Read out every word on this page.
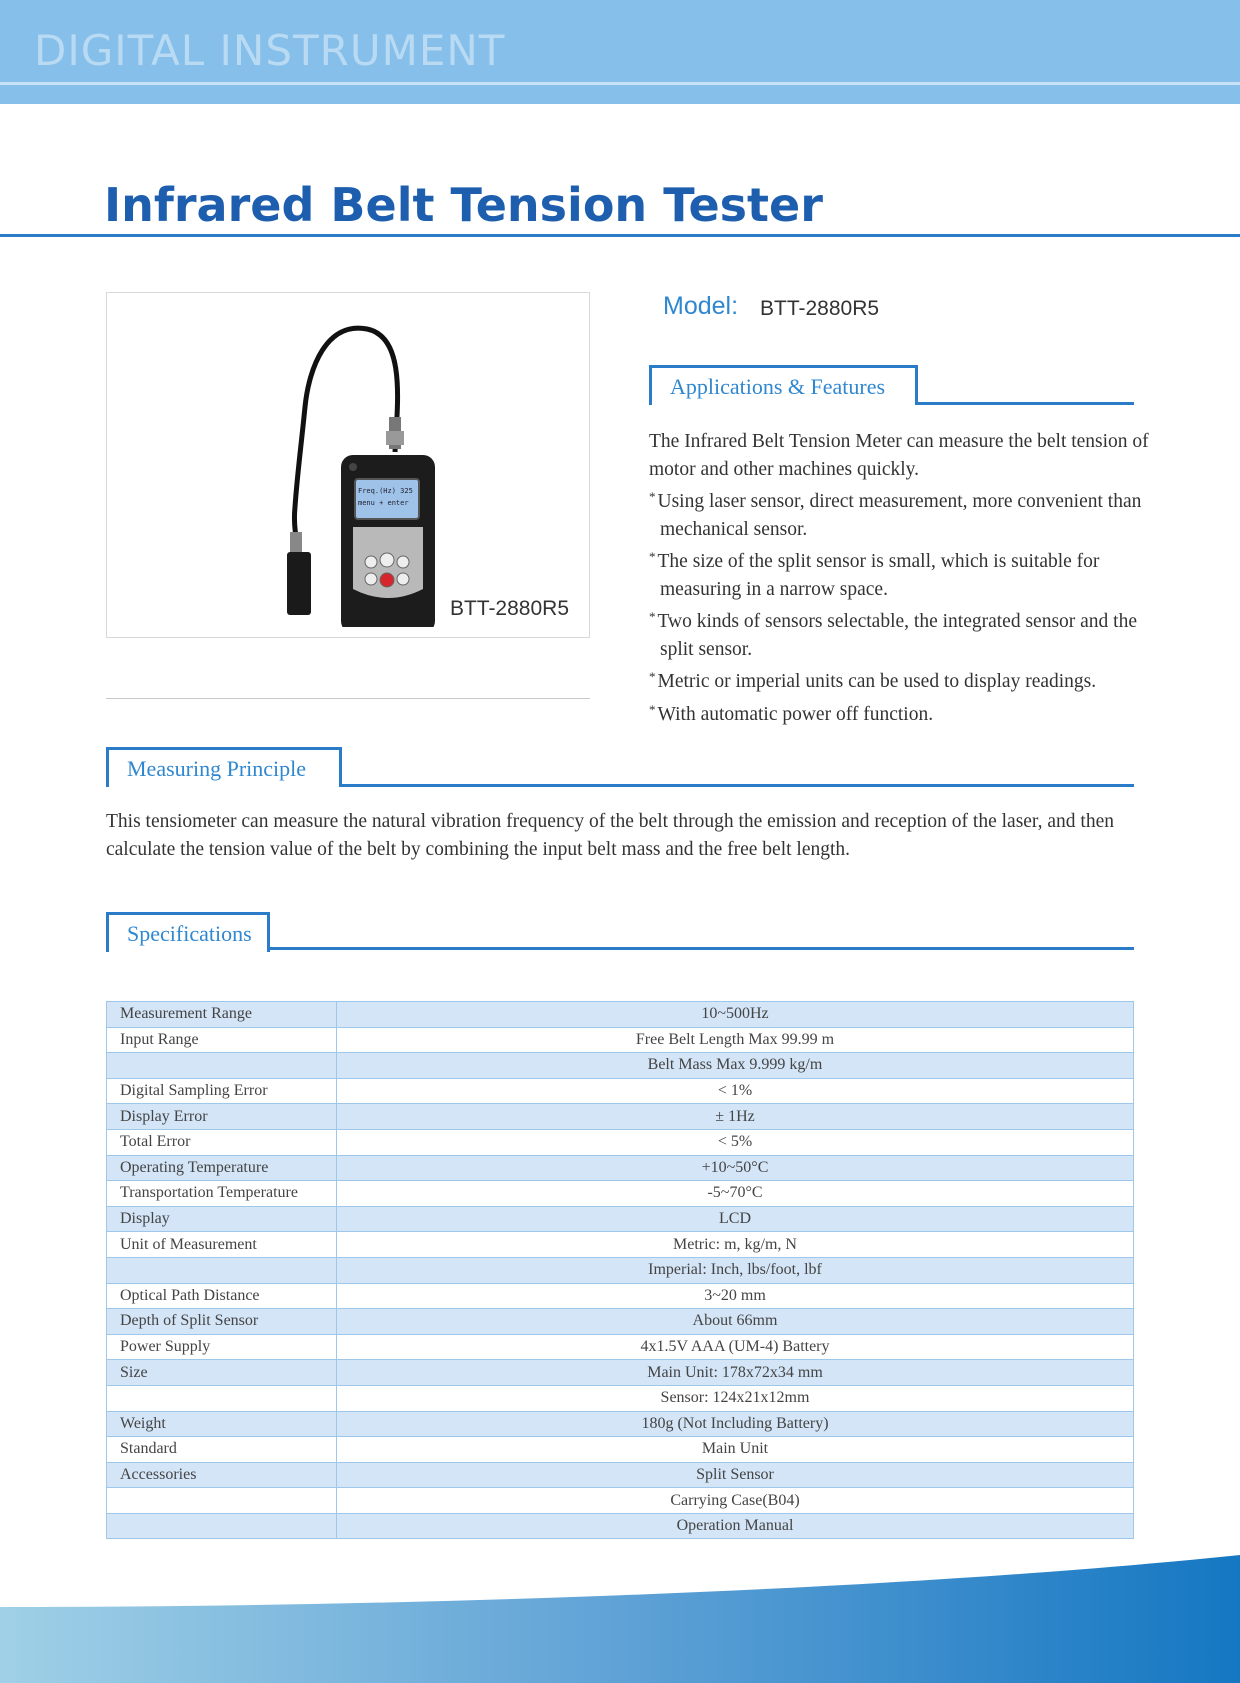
DIGITAL INSTRUMENT
Infrared Belt Tension Tester
Freq.(Hz) 325
menu + enter
BTT-2880R5
Model: BTT-2880R5
Applications & Features
The Infrared Belt Tension Meter can measure the belt tension of motor and other machines quickly.
* Using laser sensor, direct measurement, more convenient than mechanical sensor.
* The size of the split sensor is small, which is suitable for measuring in a narrow space.
* Two kinds of sensors selectable, the integrated sensor and the split sensor.
* Metric or imperial units can be used to display readings.
* With automatic power off function.
Measuring Principle

This tensiometer can measure the natural vibration frequency of the belt through the emission and reception of the laser, and then calculate the tension value of the belt by combining the input belt mass and the free belt length.

Specifications
Measurement Range	10~500Hz
Input Range	Free Belt Length Max 99.99 m
	Belt Mass Max 9.999 kg/m
Digital Sampling Error	< 1%
Display Error	± 1Hz
Total Error	< 5%
Operating Temperature	+10~50°C
Transportation Temperature	-5~70°C
Display	LCD
Unit of Measurement	Metric: m, kg/m, N
	Imperial: Inch, lbs/foot, lbf
Optical Path Distance	3~20 mm
Depth of Split Sensor	About 66mm
Power Supply	4x1.5V AAA (UM-4) Battery
Size	Main Unit: 178x72x34 mm
	Sensor: 124x21x12mm
Weight	180g (Not Including Battery)
Standard	Main Unit
Accessories	Split Sensor
	Carrying Case(B04)
	Operation Manual
